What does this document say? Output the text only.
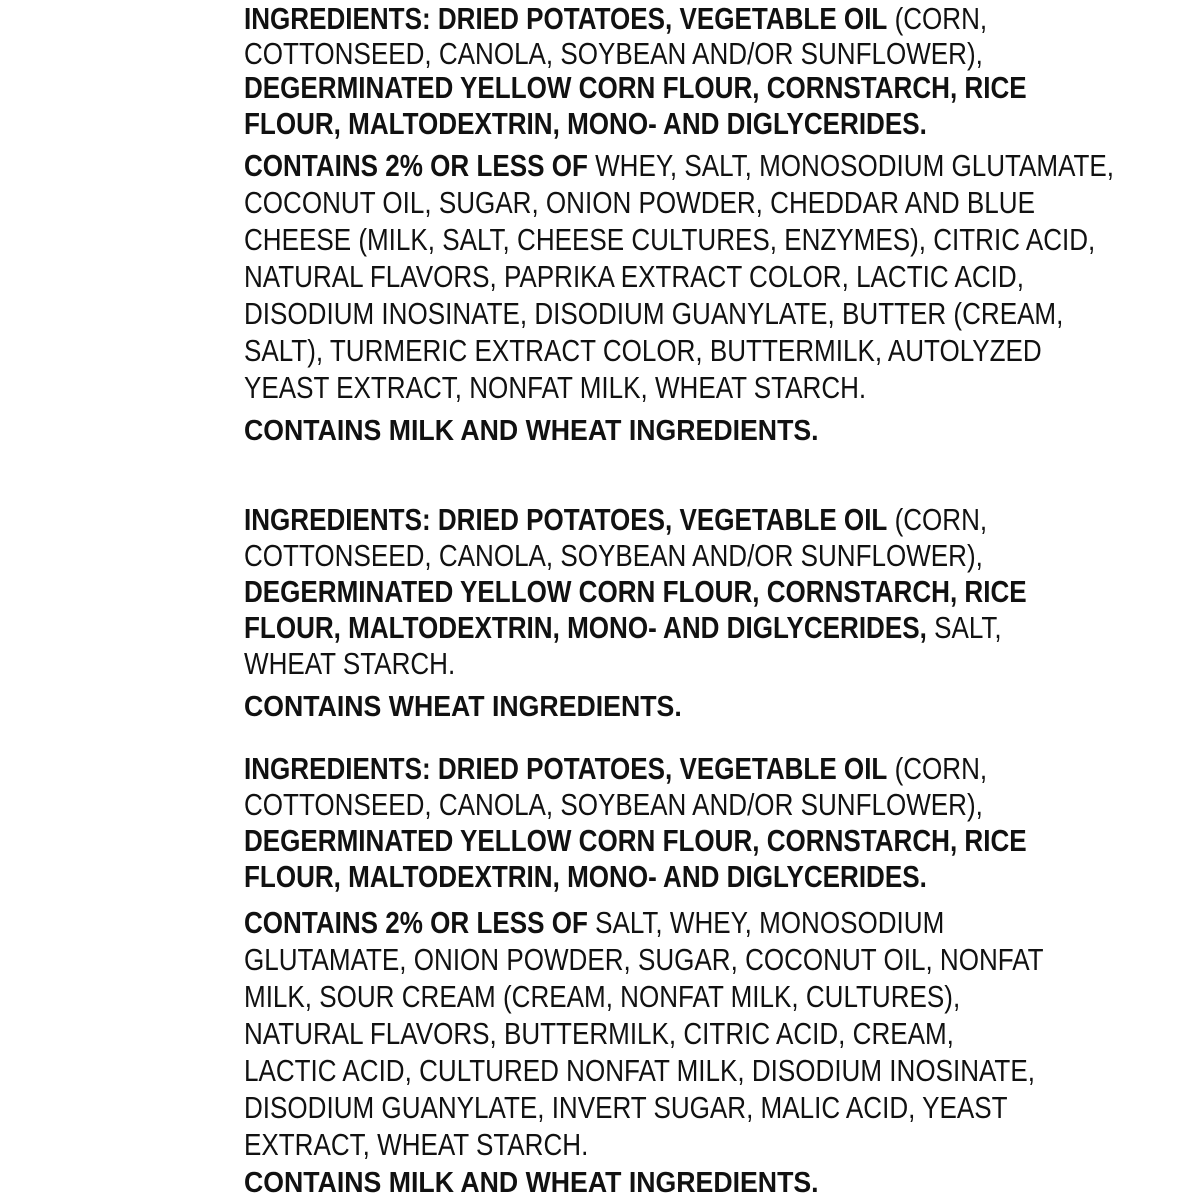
INGREDIENTS: DRIED POTATOES, VEGETABLE OIL (CORN,
COTTONSEED, CANOLA, SOYBEAN AND/OR SUNFLOWER),
DEGERMINATED YELLOW CORN FLOUR, CORNSTARCH, RICE
FLOUR, MALTODEXTRIN, MONO- AND DIGLYCERIDES.
CONTAINS 2% OR LESS OF WHEY, SALT, MONOSODIUM GLUTAMATE,
COCONUT OIL, SUGAR, ONION POWDER, CHEDDAR AND BLUE
CHEESE (MILK, SALT, CHEESE CULTURES, ENZYMES), CITRIC ACID,
NATURAL FLAVORS, PAPRIKA EXTRACT COLOR, LACTIC ACID,
DISODIUM INOSINATE, DISODIUM GUANYLATE, BUTTER (CREAM,
SALT), TURMERIC EXTRACT COLOR, BUTTERMILK, AUTOLYZED
YEAST EXTRACT, NONFAT MILK, WHEAT STARCH.
CONTAINS MILK AND WHEAT INGREDIENTS.
INGREDIENTS: DRIED POTATOES, VEGETABLE OIL (CORN,
COTTONSEED, CANOLA, SOYBEAN AND/OR SUNFLOWER),
DEGERMINATED YELLOW CORN FLOUR, CORNSTARCH, RICE
FLOUR, MALTODEXTRIN, MONO- AND DIGLYCERIDES, SALT,
WHEAT STARCH.
CONTAINS WHEAT INGREDIENTS.
INGREDIENTS: DRIED POTATOES, VEGETABLE OIL (CORN,
COTTONSEED, CANOLA, SOYBEAN AND/OR SUNFLOWER),
DEGERMINATED YELLOW CORN FLOUR, CORNSTARCH, RICE
FLOUR, MALTODEXTRIN, MONO- AND DIGLYCERIDES.
CONTAINS 2% OR LESS OF SALT, WHEY, MONOSODIUM
GLUTAMATE, ONION POWDER, SUGAR, COCONUT OIL, NONFAT
MILK, SOUR CREAM (CREAM, NONFAT MILK, CULTURES),
NATURAL FLAVORS, BUTTERMILK, CITRIC ACID, CREAM,
LACTIC ACID, CULTURED NONFAT MILK, DISODIUM INOSINATE,
DISODIUM GUANYLATE, INVERT SUGAR, MALIC ACID, YEAST
EXTRACT, WHEAT STARCH.
CONTAINS MILK AND WHEAT INGREDIENTS.
